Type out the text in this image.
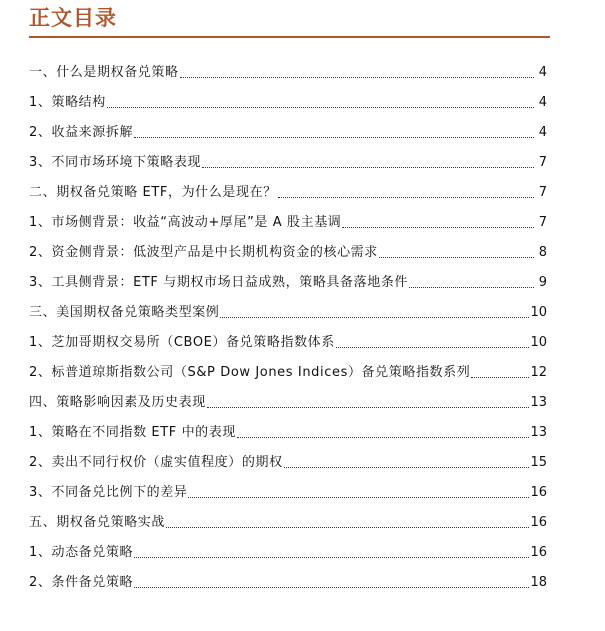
正文目录
一、什么是期权备兑策略	4
1、策略结构	4
2、收益来源拆解	4
3、不同市场环境下策略表现	7
二、期权备兑策略 ETF，为什么是现在？	7
1、市场侧背景：收益“高波动+厚尾”是 A 股主基调	7
2、资金侧背景：低波型产品是中长期机构资金的核心需求	8
3、工具侧背景：ETF 与期权市场日益成熟，策略具备落地条件	9
三、美国期权备兑策略类型案例	10
1、芝加哥期权交易所（CBOE）备兑策略指数体系	10
2、标普道琼斯指数公司（S&P Dow Jones Indices）备兑策略指数系列	12
四、策略影响因素及历史表现	13
1、策略在不同指数 ETF 中的表现	13
2、卖出不同行权价（虚实值程度）的期权	15
3、不同备兑比例下的差异	16
五、期权备兑策略实战	16
1、动态备兑策略	16
2、条件备兑策略	18
